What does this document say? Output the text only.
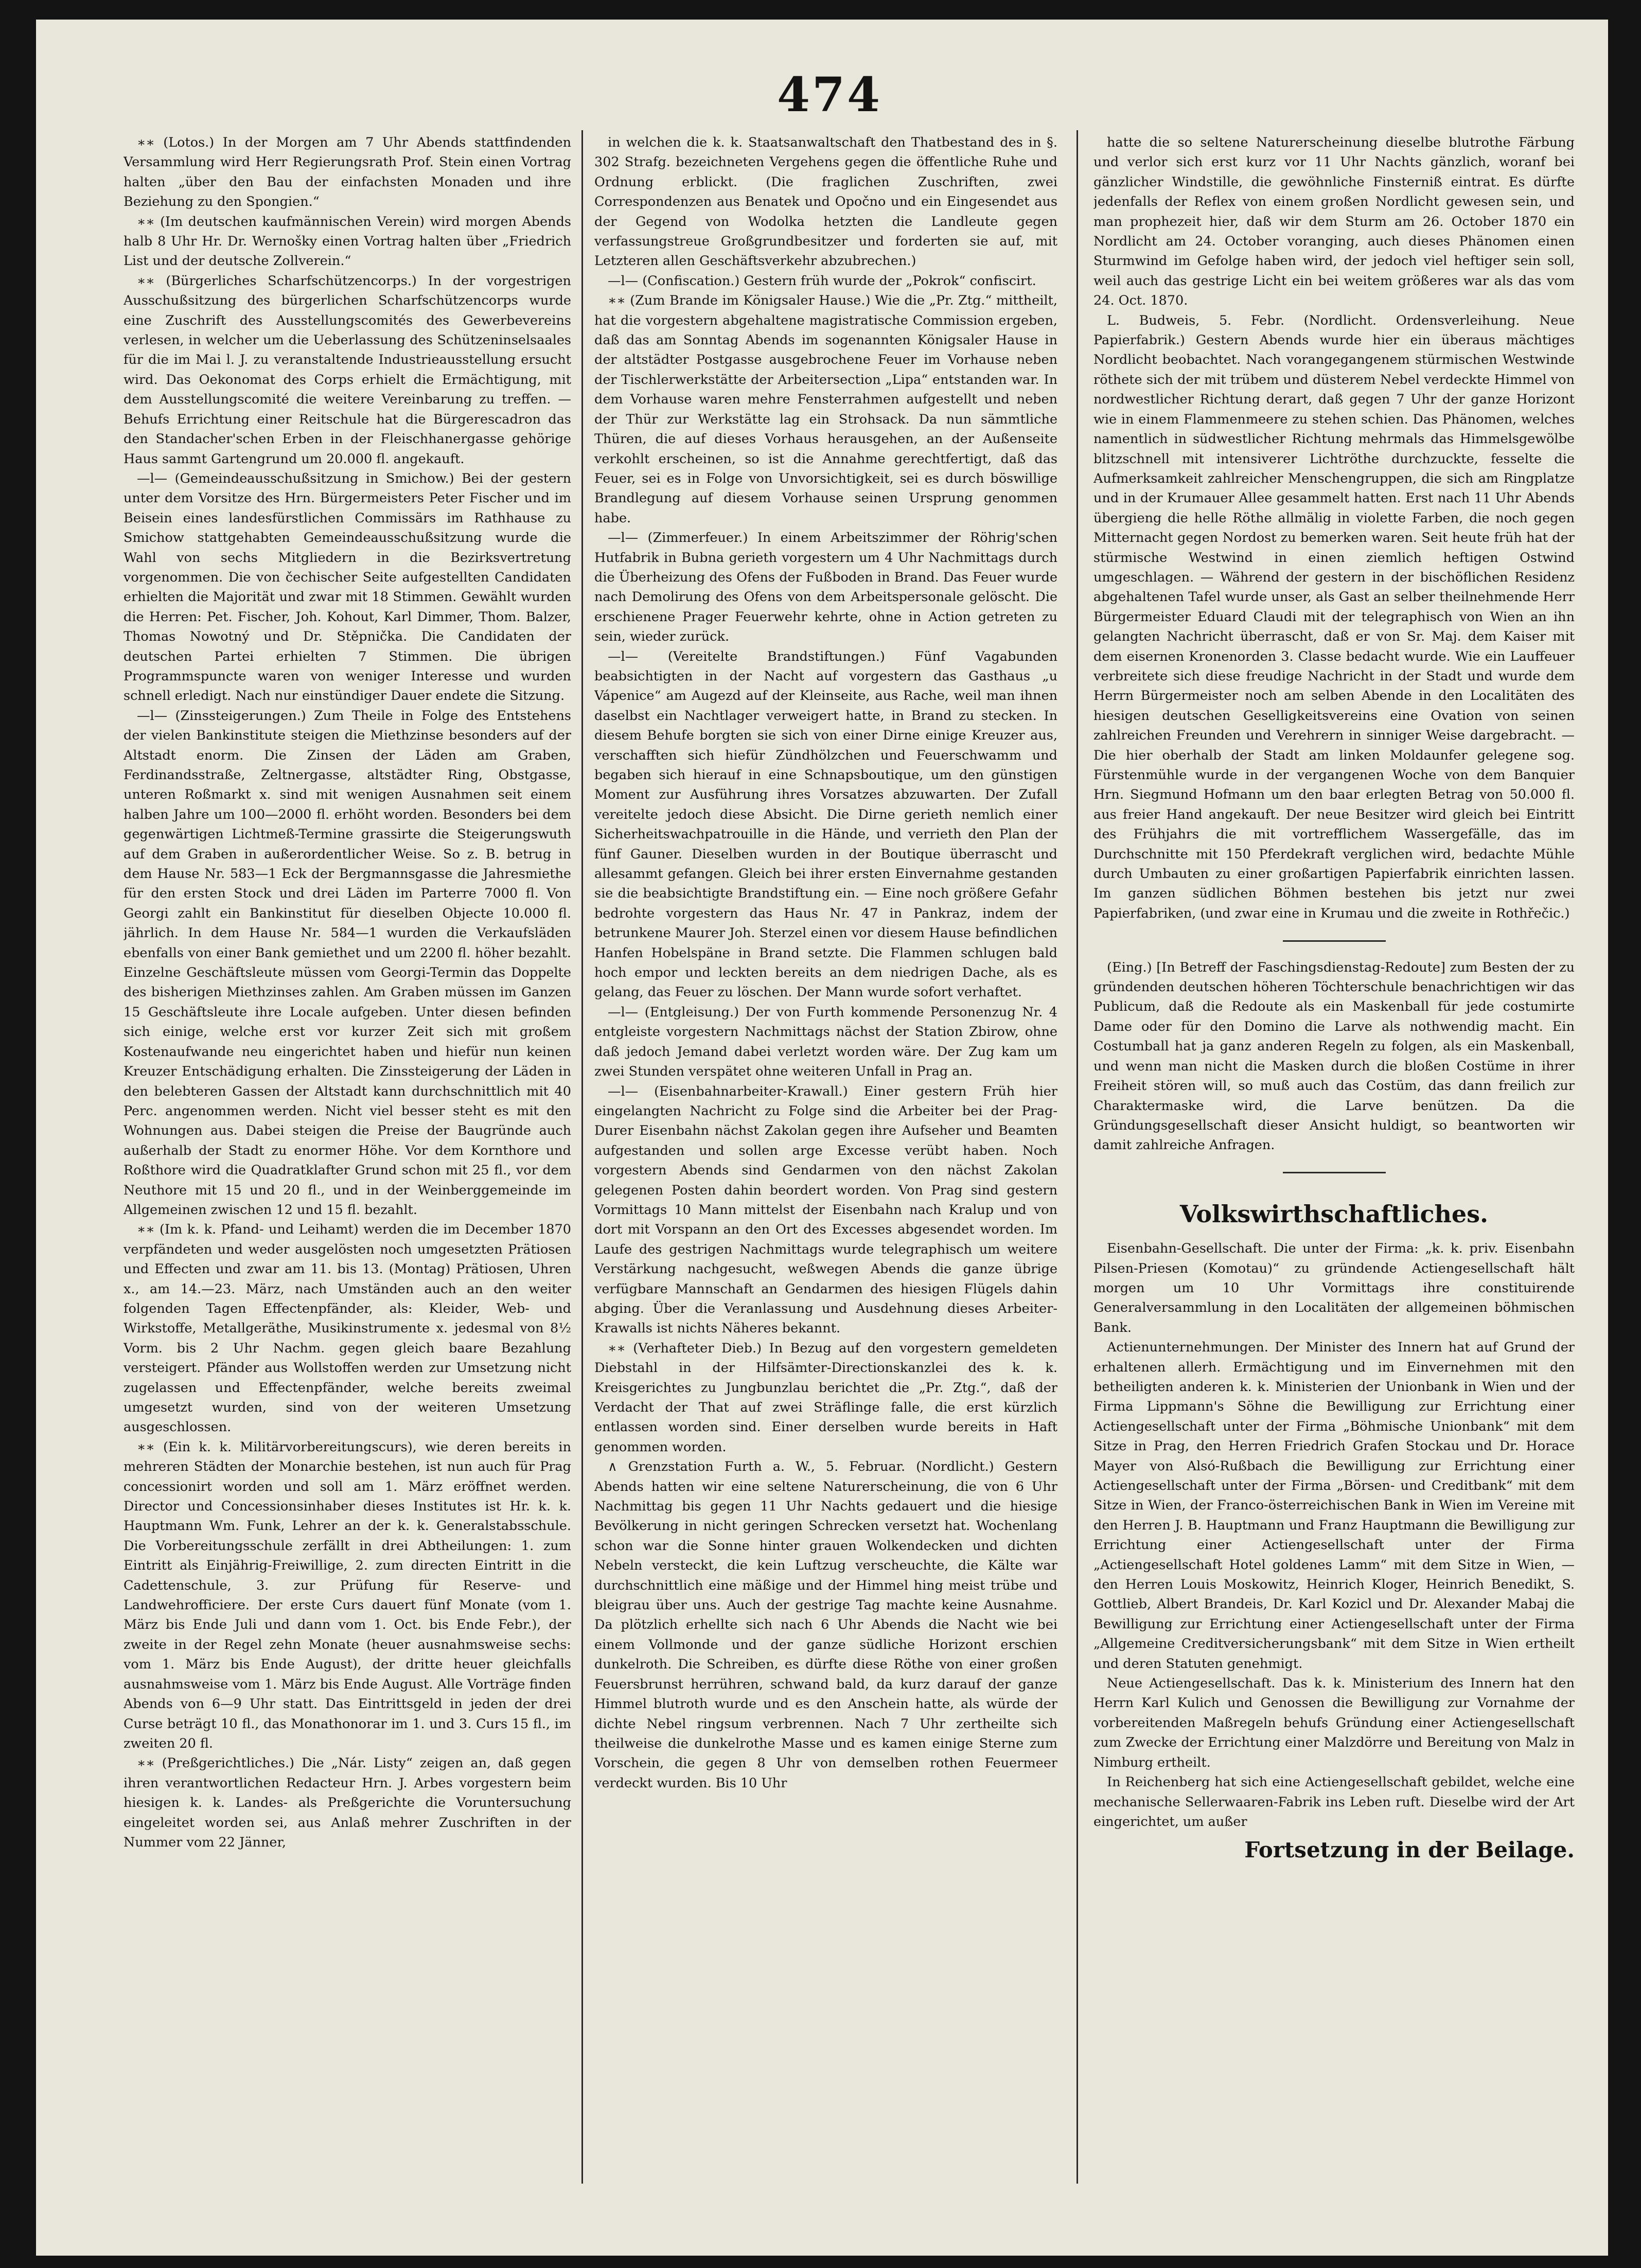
474

∗∗ (Lotos.) In der Morgen am 7 Uhr Abends stattfindenden Versammlung wird Herr Regierungsrath Prof. Stein einen Vortrag halten „über den Bau der einfachsten Monaden und ihre Beziehung zu den Spongien.“

∗∗ (Im deutschen kaufmännischen Verein) wird morgen Abends halb 8 Uhr Hr. Dr. Wernošky einen Vortrag halten über „Friedrich List und der deutsche Zollverein.“

∗∗ (Bürgerliches Scharfschützencorps.) In der vorgestrigen Ausschußsitzung des bürgerlichen Scharfschützencorps wurde eine Zuschrift des Ausstellungscomités des Gewerbevereins verlesen, in welcher um die Ueberlassung des Schützeninselsaales für die im Mai l. J. zu veranstaltende Industrieausstellung ersucht wird. Das Oekonomat des Corps erhielt die Ermächtigung, mit dem Ausstellungscomité die weitere Vereinbarung zu treffen. — Behufs Errichtung einer Reitschule hat die Bürgerescadron das den Standacher'schen Erben in der Fleischhanergasse gehörige Haus sammt Gartengrund um 20.000 fl. angekauft.

—l— (Gemeindeausschußsitzung in Smichow.) Bei der gestern unter dem Vorsitze des Hrn. Bürgermeisters Peter Fischer und im Beisein eines landesfürstlichen Commissärs im Rathhause zu Smichow stattgehabten Gemeindeausschußsitzung wurde die Wahl von sechs Mitgliedern in die Bezirksvertretung vorgenommen. Die von čechischer Seite aufgestellten Candidaten erhielten die Majorität und zwar mit 18 Stimmen. Gewählt wurden die Herren: Pet. Fischer, Joh. Kohout, Karl Dimmer, Thom. Balzer, Thomas Nowotný und Dr. Stěpnička. Die Candidaten der deutschen Partei erhielten 7 Stimmen. Die übrigen Programmspuncte waren von weniger Interesse und wurden schnell erledigt. Nach nur einstündiger Dauer endete die Sitzung.

—l— (Zinssteigerungen.) Zum Theile in Folge des Entstehens der vielen Bankinstitute steigen die Miethzinse besonders auf der Altstadt enorm. Die Zinsen der Läden am Graben, Ferdinandsstraße, Zeltnergasse, altstädter Ring, Obstgasse, unteren Roßmarkt x. sind mit wenigen Ausnahmen seit einem halben Jahre um 100—2000 fl. erhöht worden. Besonders bei dem gegenwärtigen Lichtmeß-Termine grassirte die Steigerungswuth auf dem Graben in außerordentlicher Weise. So z. B. betrug in dem Hause Nr. 583—1 Eck der Bergmannsgasse die Jahresmiethe für den ersten Stock und drei Läden im Parterre 7000 fl. Von Georgi zahlt ein Bankinstitut für dieselben Objecte 10.000 fl. jährlich. In dem Hause Nr. 584—1 wurden die Verkaufsläden ebenfalls von einer Bank gemiethet und um 2200 fl. höher bezahlt. Einzelne Geschäftsleute müssen vom Georgi-Termin das Doppelte des bisherigen Miethzinses zahlen. Am Graben müssen im Ganzen 15 Geschäftsleute ihre Locale aufgeben. Unter diesen befinden sich einige, welche erst vor kurzer Zeit sich mit großem Kostenaufwande neu eingerichtet haben und hiefür nun keinen Kreuzer Entschädigung erhalten. Die Zinssteigerung der Läden in den belebteren Gassen der Altstadt kann durchschnittlich mit 40 Perc. angenommen werden. Nicht viel besser steht es mit den Wohnungen aus. Dabei steigen die Preise der Baugründe auch außerhalb der Stadt zu enormer Höhe. Vor dem Kornthore und Roßthore wird die Quadratklafter Grund schon mit 25 fl., vor dem Neuthore mit 15 und 20 fl., und in der Weinberggemeinde im Allgemeinen zwischen 12 und 15 fl. bezahlt.

∗∗ (Im k. k. Pfand- und Leihamt) werden die im December 1870 verpfändeten und weder ausgelösten noch umgesetzten Prätiosen und Effecten und zwar am 11. bis 13. (Montag) Prätiosen, Uhren x., am 14.—23. März, nach Umständen auch an den weiter folgenden Tagen Effectenpfänder, als: Kleider, Web- und Wirkstoffe, Metallgeräthe, Musikinstrumente x. jedesmal von 8½ Vorm. bis 2 Uhr Nachm. gegen gleich baare Bezahlung versteigert. Pfänder aus Wollstoffen werden zur Umsetzung nicht zugelassen und Effectenpfänder, welche bereits zweimal umgesetzt wurden, sind von der weiteren Umsetzung ausgeschlossen.

∗∗ (Ein k. k. Militärvorbereitungscurs), wie deren bereits in mehreren Städten der Monarchie bestehen, ist nun auch für Prag concessionirt worden und soll am 1. März eröffnet werden. Director und Concessionsinhaber dieses Institutes ist Hr. k. k. Hauptmann Wm. Funk, Lehrer an der k. k. Generalstabsschule. Die Vorbereitungsschule zerfällt in drei Abtheilungen: 1. zum Eintritt als Einjährig-Freiwillige, 2. zum directen Eintritt in die Cadettenschule, 3. zur Prüfung für Reserve- und Landwehrofficiere. Der erste Curs dauert fünf Monate (vom 1. März bis Ende Juli und dann vom 1. Oct. bis Ende Febr.), der zweite in der Regel zehn Monate (heuer ausnahmsweise sechs: vom 1. März bis Ende August), der dritte heuer gleichfalls ausnahmsweise vom 1. März bis Ende August. Alle Vorträge finden Abends von 6—9 Uhr statt. Das Eintrittsgeld in jeden der drei Curse beträgt 10 fl., das Monathonorar im 1. und 3. Curs 15 fl., im zweiten 20 fl.

∗∗ (Preßgerichtliches.) Die „Nár. Listy“ zeigen an, daß gegen ihren verantwortlichen Redacteur Hrn. J. Arbes vorgestern beim hiesigen k. k. Landes- als Preßgerichte die Voruntersuchung eingeleitet worden sei, aus Anlaß mehrer Zuschriften in der Nummer vom 22 Jänner,

in welchen die k. k. Staatsanwaltschaft den Thatbestand des in §. 302 Strafg. bezeichneten Vergehens gegen die öffentliche Ruhe und Ordnung erblickt. (Die fraglichen Zuschriften, zwei Correspondenzen aus Benatek und Opočno und ein Eingesendet aus der Gegend von Wodolka hetzten die Landleute gegen verfassungstreue Großgrundbesitzer und forderten sie auf, mit Letzteren allen Geschäftsverkehr abzubrechen.)

—l— (Confiscation.) Gestern früh wurde der „Pokrok“ confiscirt.

∗∗ (Zum Brande im Königsaler Hause.) Wie die „Pr. Ztg.“ mittheilt, hat die vorgestern abgehaltene magistratische Commission ergeben, daß das am Sonntag Abends im sogenannten Königsaler Hause in der altstädter Postgasse ausgebrochene Feuer im Vorhause neben der Tischlerwerkstätte der Arbeitersection „Lipa“ entstanden war. In dem Vorhause waren mehre Fensterrahmen aufgestellt und neben der Thür zur Werkstätte lag ein Strohsack. Da nun sämmtliche Thüren, die auf dieses Vorhaus herausgehen, an der Außenseite verkohlt erscheinen, so ist die Annahme gerechtfertigt, daß das Feuer, sei es in Folge von Unvorsichtigkeit, sei es durch böswillige Brandlegung auf diesem Vorhause seinen Ursprung genommen habe.

—l— (Zimmerfeuer.) In einem Arbeitszimmer der Röhrig'schen Hutfabrik in Bubna gerieth vorgestern um 4 Uhr Nachmittags durch die Überheizung des Ofens der Fußboden in Brand. Das Feuer wurde nach Demolirung des Ofens von dem Arbeitspersonale gelöscht. Die erschienene Prager Feuerwehr kehrte, ohne in Action getreten zu sein, wieder zurück.

—l— (Vereitelte Brandstiftungen.) Fünf Vagabunden beabsichtigten in der Nacht auf vorgestern das Gasthaus „u Vápenice“ am Augezd auf der Kleinseite, aus Rache, weil man ihnen daselbst ein Nachtlager verweigert hatte, in Brand zu stecken. In diesem Behufe borgten sie sich von einer Dirne einige Kreuzer aus, verschafften sich hiefür Zündhölzchen und Feuerschwamm und begaben sich hierauf in eine Schnapsboutique, um den günstigen Moment zur Ausführung ihres Vorsatzes abzuwarten. Der Zufall vereitelte jedoch diese Absicht. Die Dirne gerieth nemlich einer Sicherheitswachpatrouille in die Hände, und verrieth den Plan der fünf Gauner. Dieselben wurden in der Boutique überrascht und allesammt gefangen. Gleich bei ihrer ersten Einvernahme gestanden sie die beabsichtigte Brandstiftung ein. — Eine noch größere Gefahr bedrohte vorgestern das Haus Nr. 47 in Pankraz, indem der betrunkene Maurer Joh. Sterzel einen vor diesem Hause befindlichen Hanfen Hobelspäne in Brand setzte. Die Flammen schlugen bald hoch empor und leckten bereits an dem niedrigen Dache, als es gelang, das Feuer zu löschen. Der Mann wurde sofort verhaftet.

—l— (Entgleisung.) Der von Furth kommende Personenzug Nr. 4 entgleiste vorgestern Nachmittags nächst der Station Zbirow, ohne daß jedoch Jemand dabei verletzt worden wäre. Der Zug kam um zwei Stunden verspätet ohne weiteren Unfall in Prag an.

—l— (Eisenbahnarbeiter-Krawall.) Einer gestern Früh hier eingelangten Nachricht zu Folge sind die Arbeiter bei der Prag-Durer Eisenbahn nächst Zakolan gegen ihre Aufseher und Beamten aufgestanden und sollen arge Excesse verübt haben. Noch vorgestern Abends sind Gendarmen von den nächst Zakolan gelegenen Posten dahin beordert worden. Von Prag sind gestern Vormittags 10 Mann mittelst der Eisenbahn nach Kralup und von dort mit Vorspann an den Ort des Excesses abgesendet worden. Im Laufe des gestrigen Nachmittags wurde telegraphisch um weitere Verstärkung nachgesucht, weßwegen Abends die ganze übrige verfügbare Mannschaft an Gendarmen des hiesigen Flügels dahin abging. Über die Veranlassung und Ausdehnung dieses Arbeiter-Krawalls ist nichts Näheres bekannt.

∗∗ (Verhafteter Dieb.) In Bezug auf den vorgestern gemeldeten Diebstahl in der Hilfsämter-Directionskanzlei des k. k. Kreisgerichtes zu Jungbunzlau berichtet die „Pr. Ztg.“, daß der Verdacht der That auf zwei Sträflinge falle, die erst kürzlich entlassen worden sind. Einer derselben wurde bereits in Haft genommen worden.

∧ Grenzstation Furth a. W., 5. Februar. (Nordlicht.) Gestern Abends hatten wir eine seltene Naturerscheinung, die von 6 Uhr Nachmittag bis gegen 11 Uhr Nachts gedauert und die hiesige Bevölkerung in nicht geringen Schrecken versetzt hat. Wochenlang schon war die Sonne hinter grauen Wolkendecken und dichten Nebeln versteckt, die kein Luftzug verscheuchte, die Kälte war durchschnittlich eine mäßige und der Himmel hing meist trübe und bleigrau über uns. Auch der gestrige Tag machte keine Ausnahme. Da plötzlich erhellte sich nach 6 Uhr Abends die Nacht wie bei einem Vollmonde und der ganze südliche Horizont erschien dunkelroth. Die Schreiben, es dürfte diese Röthe von einer großen Feuersbrunst herrühren, schwand bald, da kurz darauf der ganze Himmel blutroth wurde und es den Anschein hatte, als würde der dichte Nebel ringsum verbrennen. Nach 7 Uhr zertheilte sich theilweise die dunkelrothe Masse und es kamen einige Sterne zum Vorschein, die gegen 8 Uhr von demselben rothen Feuermeer verdeckt wurden. Bis 10 Uhr

hatte die so seltene Naturerscheinung dieselbe blutrothe Färbung und verlor sich erst kurz vor 11 Uhr Nachts gänzlich, woranf bei gänzlicher Windstille, die gewöhnliche Finsterniß eintrat. Es dürfte jedenfalls der Reflex von einem großen Nordlicht gewesen sein, und man prophezeit hier, daß wir dem Sturm am 26. October 1870 ein Nordlicht am 24. October voranging, auch dieses Phänomen einen Sturmwind im Gefolge haben wird, der jedoch viel heftiger sein soll, weil auch das gestrige Licht ein bei weitem größeres war als das vom 24. Oct. 1870.

L. Budweis, 5. Febr. (Nordlicht. Ordensverleihung. Neue Papierfabrik.) Gestern Abends wurde hier ein überaus mächtiges Nordlicht beobachtet. Nach vorangegangenem stürmischen Westwinde röthete sich der mit trübem und düsterem Nebel verdeckte Himmel von nordwestlicher Richtung derart, daß gegen 7 Uhr der ganze Horizont wie in einem Flammenmeere zu stehen schien. Das Phänomen, welches namentlich in südwestlicher Richtung mehrmals das Himmelsgewölbe blitzschnell mit intensiverer Lichtröthe durchzuckte, fesselte die Aufmerksamkeit zahlreicher Menschengruppen, die sich am Ringplatze und in der Krumauer Allee gesammelt hatten. Erst nach 11 Uhr Abends übergieng die helle Röthe allmälig in violette Farben, die noch gegen Mitternacht gegen Nordost zu bemerken waren. Seit heute früh hat der stürmische Westwind in einen ziemlich heftigen Ostwind umgeschlagen. — Während der gestern in der bischöflichen Residenz abgehaltenen Tafel wurde unser, als Gast an selber theilnehmende Herr Bürgermeister Eduard Claudi mit der telegraphisch von Wien an ihn gelangten Nachricht überrascht, daß er von Sr. Maj. dem Kaiser mit dem eisernen Kronenorden 3. Classe bedacht wurde. Wie ein Lauffeuer verbreitete sich diese freudige Nachricht in der Stadt und wurde dem Herrn Bürgermeister noch am selben Abende in den Localitäten des hiesigen deutschen Geselligkeitsvereins eine Ovation von seinen zahlreichen Freunden und Verehrern in sinniger Weise dargebracht. — Die hier oberhalb der Stadt am linken Moldaunfer gelegene sog. Fürstenmühle wurde in der vergangenen Woche von dem Banquier Hrn. Siegmund Hofmann um den baar erlegten Betrag von 50.000 fl. aus freier Hand angekauft. Der neue Besitzer wird gleich bei Eintritt des Frühjahrs die mit vortrefflichem Wassergefälle, das im Durchschnitte mit 150 Pferdekraft verglichen wird, bedachte Mühle durch Umbauten zu einer großartigen Papierfabrik einrichten lassen. Im ganzen südlichen Böhmen bestehen bis jetzt nur zwei Papierfabriken, (und zwar eine in Krumau und die zweite in Rothřečic.)

(Eing.) [In Betreff der Faschingsdienstag-Redoute] zum Besten der zu gründenden deutschen höheren Töchterschule benachrichtigen wir das Publicum, daß die Redoute als ein Maskenball für jede costumirte Dame oder für den Domino die Larve als nothwendig macht. Ein Costumball hat ja ganz anderen Regeln zu folgen, als ein Maskenball, und wenn man nicht die Masken durch die bloßen Costüme in ihrer Freiheit stören will, so muß auch das Costüm, das dann freilich zur Charaktermaske wird, die Larve benützen. Da die Gründungsgesellschaft dieser Ansicht huldigt, so beantworten wir damit zahlreiche Anfragen.

Volkswirthschaftliches.

Eisenbahn-Gesellschaft. Die unter der Firma: „k. k. priv. Eisenbahn Pilsen-Priesen (Komotau)“ zu gründende Actiengesellschaft hält morgen um 10 Uhr Vormittags ihre constituirende Generalversammlung in den Localitäten der allgemeinen böhmischen Bank.

Actienunternehmungen. Der Minister des Innern hat auf Grund der erhaltenen allerh. Ermächtigung und im Einvernehmen mit den betheiligten anderen k. k. Ministerien der Unionbank in Wien und der Firma Lippmann's Söhne die Bewilligung zur Errichtung einer Actiengesellschaft unter der Firma „Böhmische Unionbank“ mit dem Sitze in Prag, den Herren Friedrich Grafen Stockau und Dr. Horace Mayer von Alsó-Rußbach die Bewilligung zur Errichtung einer Actiengesellschaft unter der Firma „Börsen- und Creditbank“ mit dem Sitze in Wien, der Franco-österreichischen Bank in Wien im Vereine mit den Herren J. B. Hauptmann und Franz Hauptmann die Bewilligung zur Errichtung einer Actiengesellschaft unter der Firma „Actiengesellschaft Hotel goldenes Lamm“ mit dem Sitze in Wien, — den Herren Louis Moskowitz, Heinrich Kloger, Heinrich Benedikt, S. Gottlieb, Albert Brandeis, Dr. Karl Kozicl und Dr. Alexander Mabaj die Bewilligung zur Errichtung einer Actiengesellschaft unter der Firma „Allgemeine Creditversicherungsbank“ mit dem Sitze in Wien ertheilt und deren Statuten genehmigt.

Neue Actiengesellschaft. Das k. k. Ministerium des Innern hat den Herrn Karl Kulich und Genossen die Bewilligung zur Vornahme der vorbereitenden Maßregeln behufs Gründung einer Actiengesellschaft zum Zwecke der Errichtung einer Malzdörre und Bereitung von Malz in Nimburg ertheilt.

In Reichenberg hat sich eine Actiengesellschaft gebildet, welche eine mechanische Sellerwaaren-Fabrik ins Leben ruft. Dieselbe wird der Art eingerichtet, um außer

Fortsetzung in der Beilage.
